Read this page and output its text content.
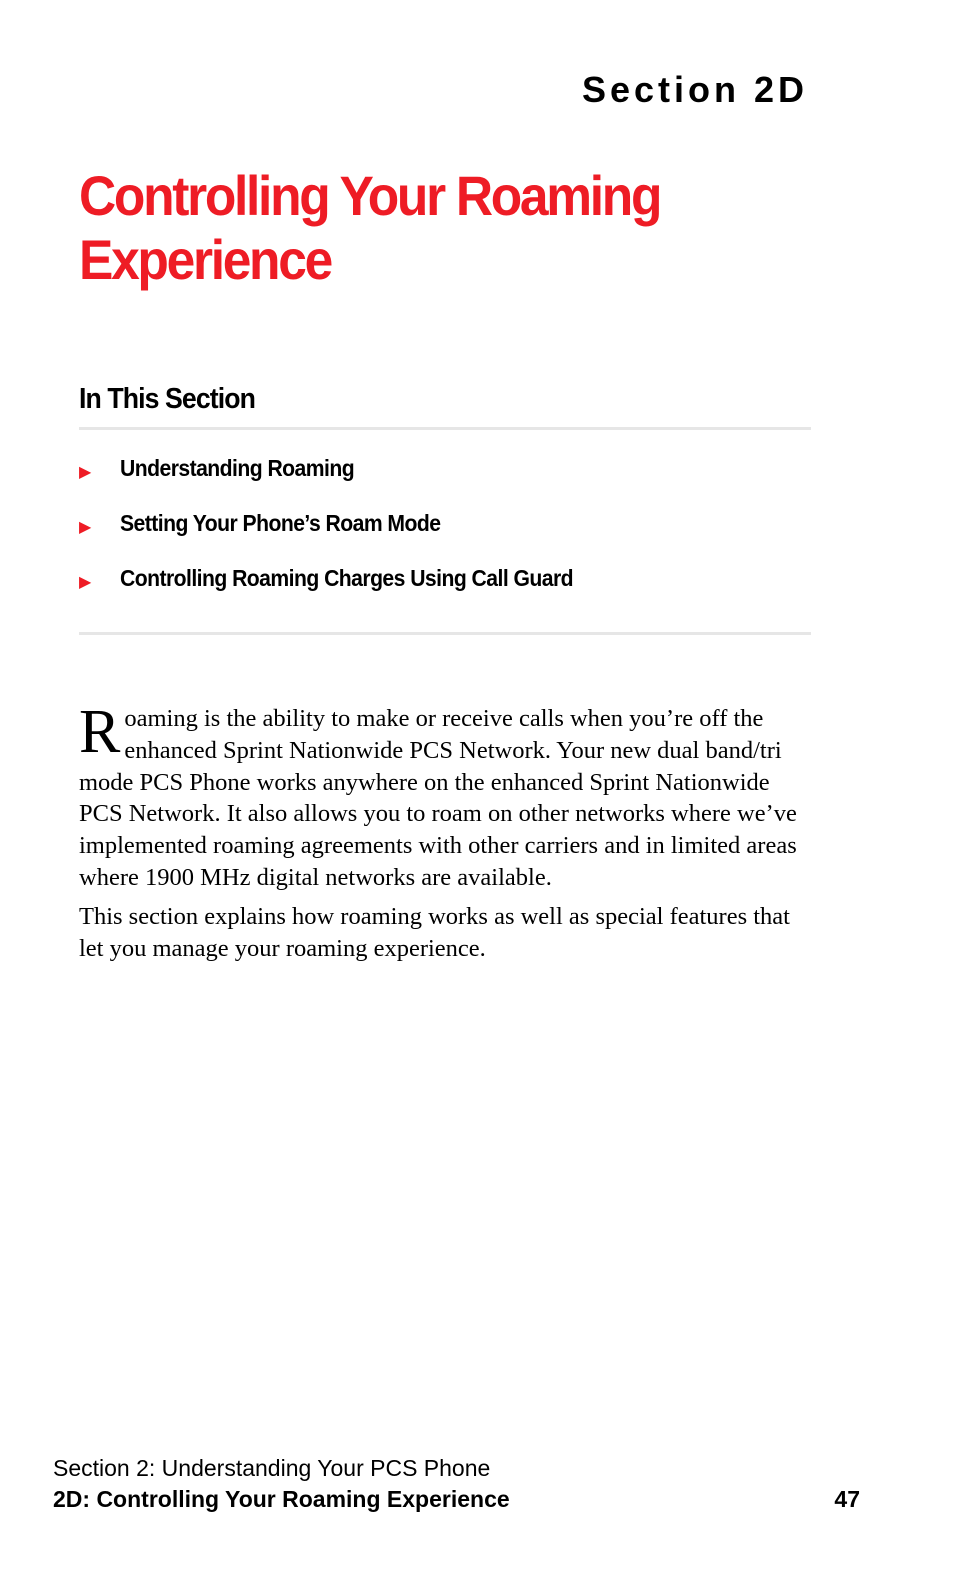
Section 2D
Controlling Your Roaming
Experience
In This Section
▶	Understanding Roaming
▶	Setting Your Phone’s Roam Mode
▶	Controlling Roaming Charges Using Call Guard

Roaming is the ability to make or receive calls when you’re off the enhanced Sprint Nationwide PCS Network. Your new dual band/tri mode PCS Phone works anywhere on the enhanced Sprint Nationwide PCS Network. It also allows you to roam on other networks where we’ve implemented roaming agreements with other carriers and in limited areas where 1900 MHz digital networks are available.

This section explains how roaming works as well as special features that let you manage your roaming experience.

Section 2: Understanding Your PCS Phone
2D: Controlling Your Roaming Experience	47
